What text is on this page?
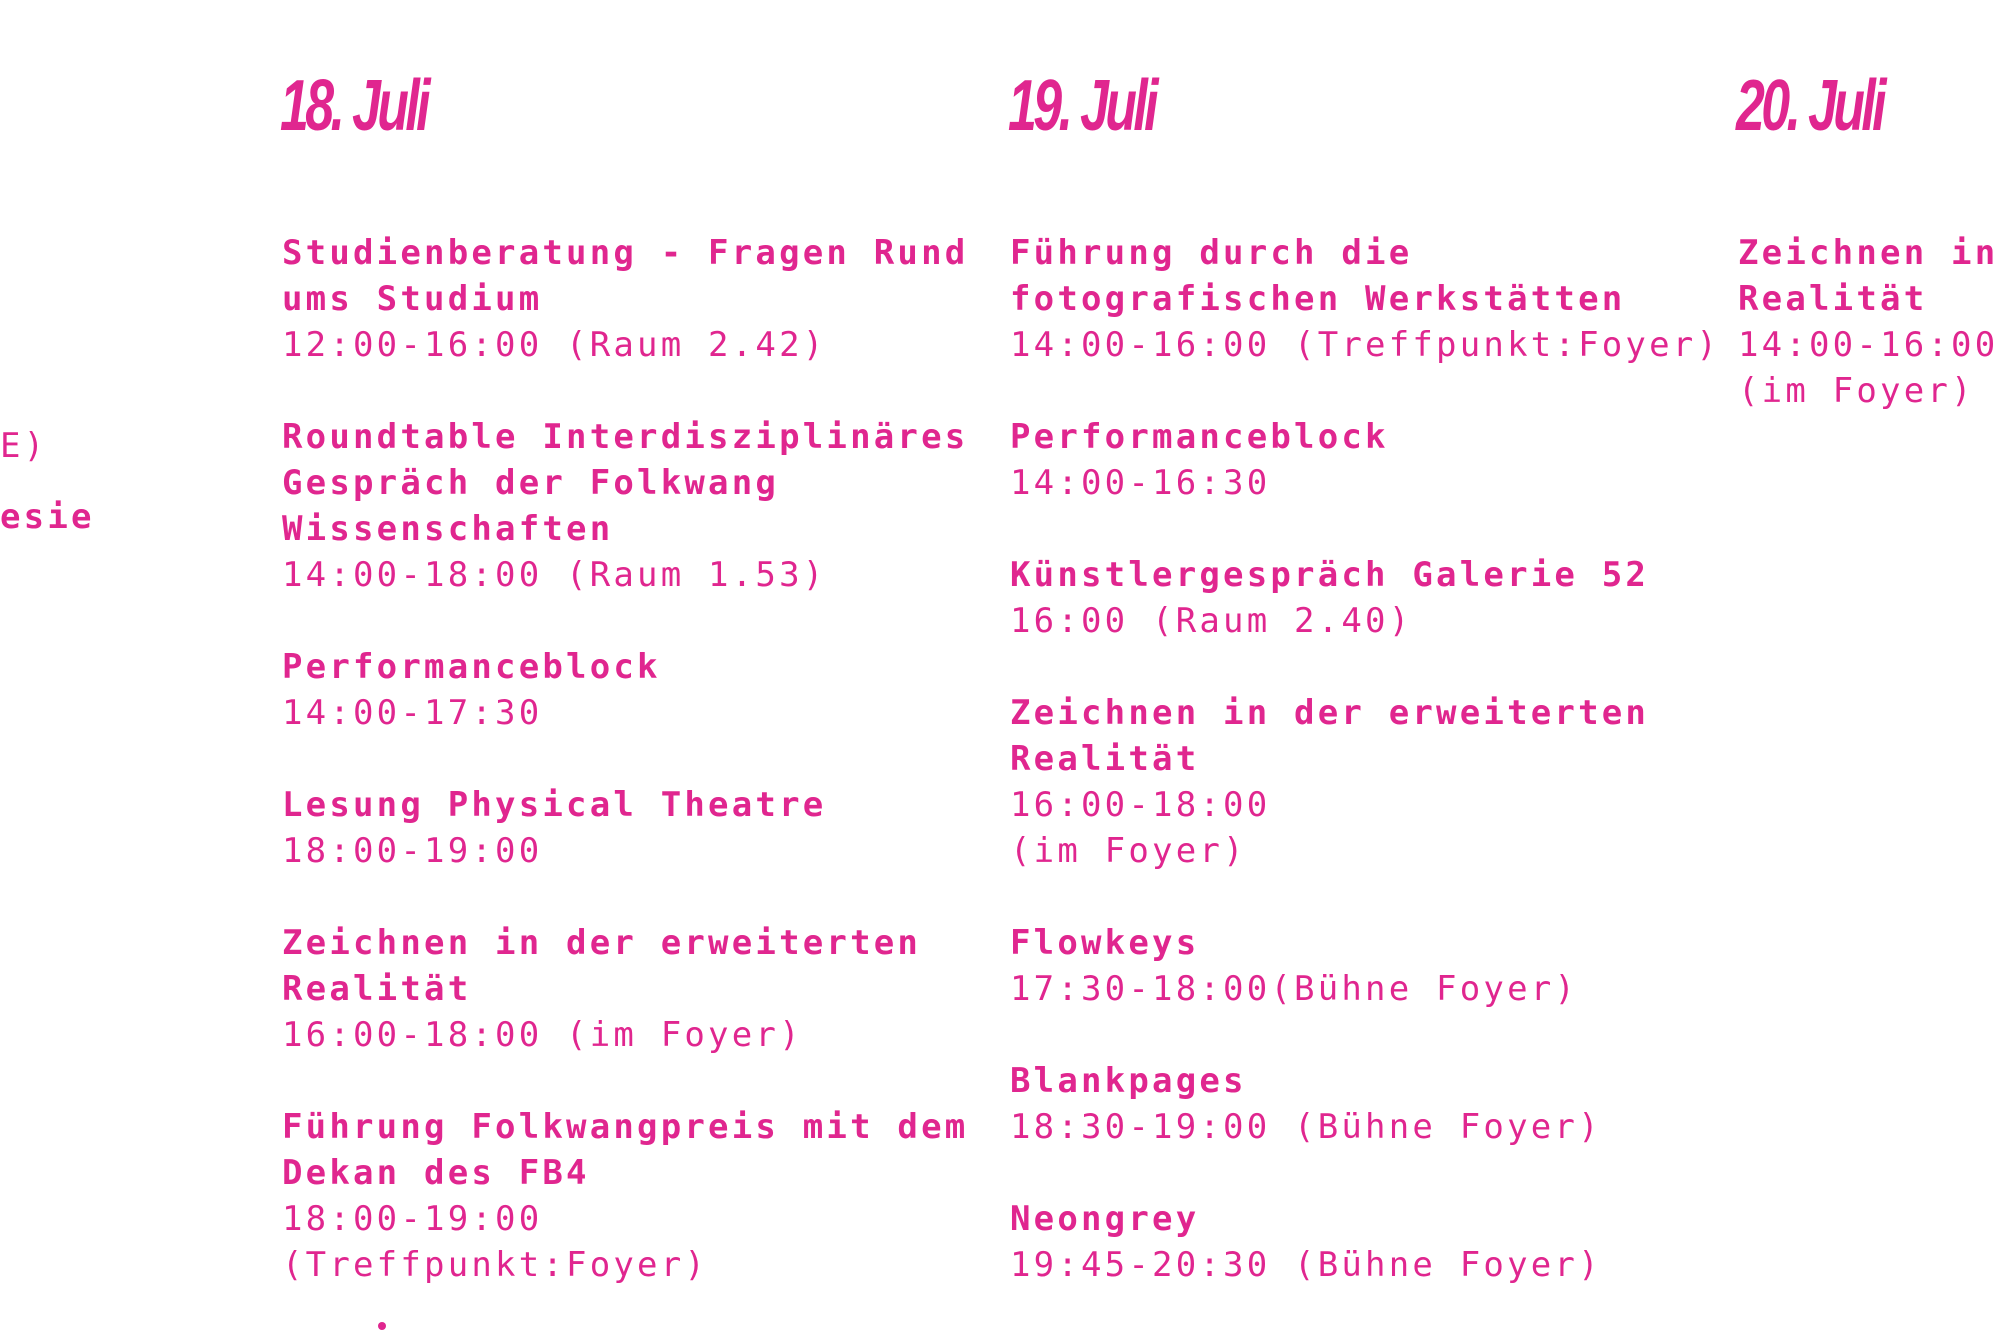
E)
esie
18. Juli
Studienberatung - Fragen Rund
ums Studium
12:00-16:00 (Raum 2.42)
Roundtable Interdisziplinäres
Gespräch der Folkwang
Wissenschaften
14:00-18:00 (Raum 1.53)
Performanceblock
14:00-17:30
Lesung Physical Theatre
18:00-19:00
Zeichnen in der erweiterten
Realität
16:00-18:00 (im Foyer)
Führung Folkwangpreis mit dem
Dekan des FB4
18:00-19:00
(Treffpunkt:Foyer)
19. Juli
Führung durch die
fotografischen Werkstätten
14:00-16:00 (Treffpunkt:Foyer)
Performanceblock
14:00-16:30
Künstlergespräch Galerie 52
16:00 (Raum 2.40)
Zeichnen in der erweiterten
Realität
16:00-18:00
(im Foyer)
Flowkeys
17:30-18:00(Bühne Foyer)
Blankpages
18:30-19:00 (Bühne Foyer)
Neongrey
19:45-20:30 (Bühne Foyer)
20. Juli
Zeichnen in
Realität
14:00-16:00
(im Foyer)
